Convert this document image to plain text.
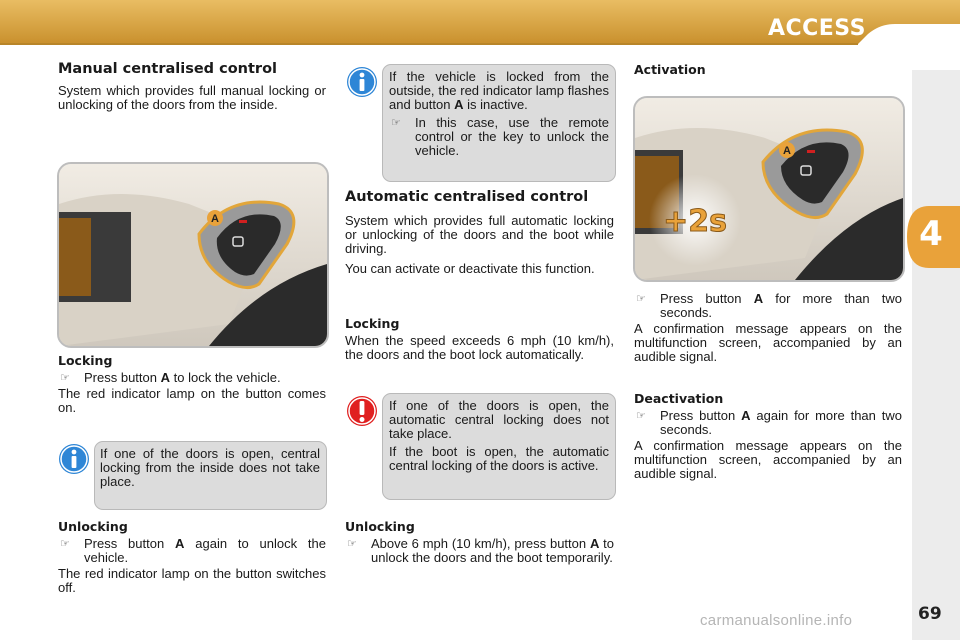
ACCESS
4
Manual centralised control

System which provides full manual locking or unlocking of the doors from the inside.

A
Locking
☞	Press button A to lock the vehicle.

The red indicator lamp on the button comes on.

If one of the doors is open, central locking from the inside does not take place.

Unlocking
☞	Press button A again to unlock the vehicle.

The red indicator lamp on the button switches off.

If the vehicle is locked from the outside, the red indicator lamp flashes and button A is inactive.

☞	In this case, use the remote control or the key to unlock the vehicle.
Automatic centralised control

System which provides full automatic locking or unlocking of the doors and the boot while driving.

You can activate or deactivate this function.

Locking

When the speed exceeds 6 mph (10 km/h), the doors and the boot lock automatically.

If one of the doors is open, the automatic central locking does not take place.

If the boot is open, the automatic central locking of the doors is active.

Unlocking
☞	Above 6 mph (10 km/h), press button A to unlock the doors and the boot temporarily.
Activation
A
+2s
☞	Press button A for more than two seconds.

A confirmation message appears on the multifunction screen, accompanied by an audible signal.

Deactivation
☞	Press button A again for more than two seconds.

A confirmation message appears on the multifunction screen, accompanied by an audible signal.

69
carmanualsonline.info
